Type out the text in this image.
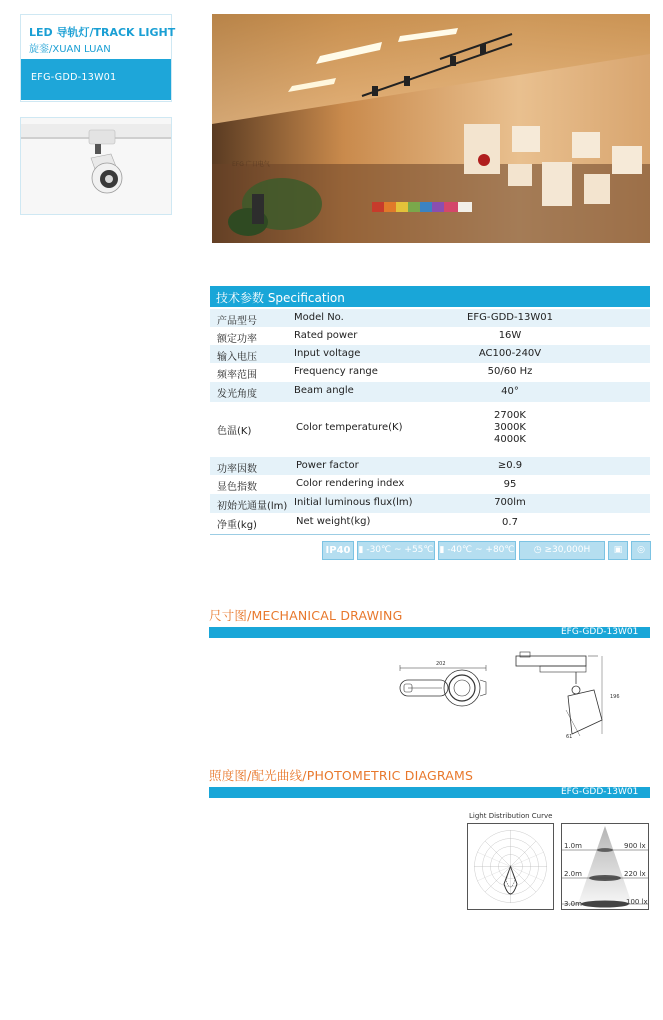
LED 导轨灯/TRACK LIGHT
旋銮/XUAN LUAN
EFG-GDD-13W01
EFG 广日电气
技术参数 Specification
产品型号	Model No.	EFG-GDD-13W01
额定功率	Rated power	16W
输入电压	Input voltage	AC100-240V
频率范围	Frequency range	50/60 Hz
发光角度	Beam angle	40°
色温(K)	Color temperature(K)
2700K
3000K
4000K
功率因数	Power factor	≥0.9
显色指数	Color rendering index	95
初始光通量(lm) Initial luminous flux(lm)	700lm
净重(kg)	Net weight(kg)	0.7
IP40 ▮ -30℃ ~ +55℃ ▮ -40℃ ~ +80℃	◷ ≥30,000H	▣	◎
尺寸图/MECHANICAL DRAWING
EFG-GDD-13W01
202
196
61
照度图/配光曲线/PHOTOMETRIC DIAGRAMS
EFG-GDD-13W01
Light Distribution Curve
1.0m	900 lx
2.0m	220 lx
3.0m	100 lx
